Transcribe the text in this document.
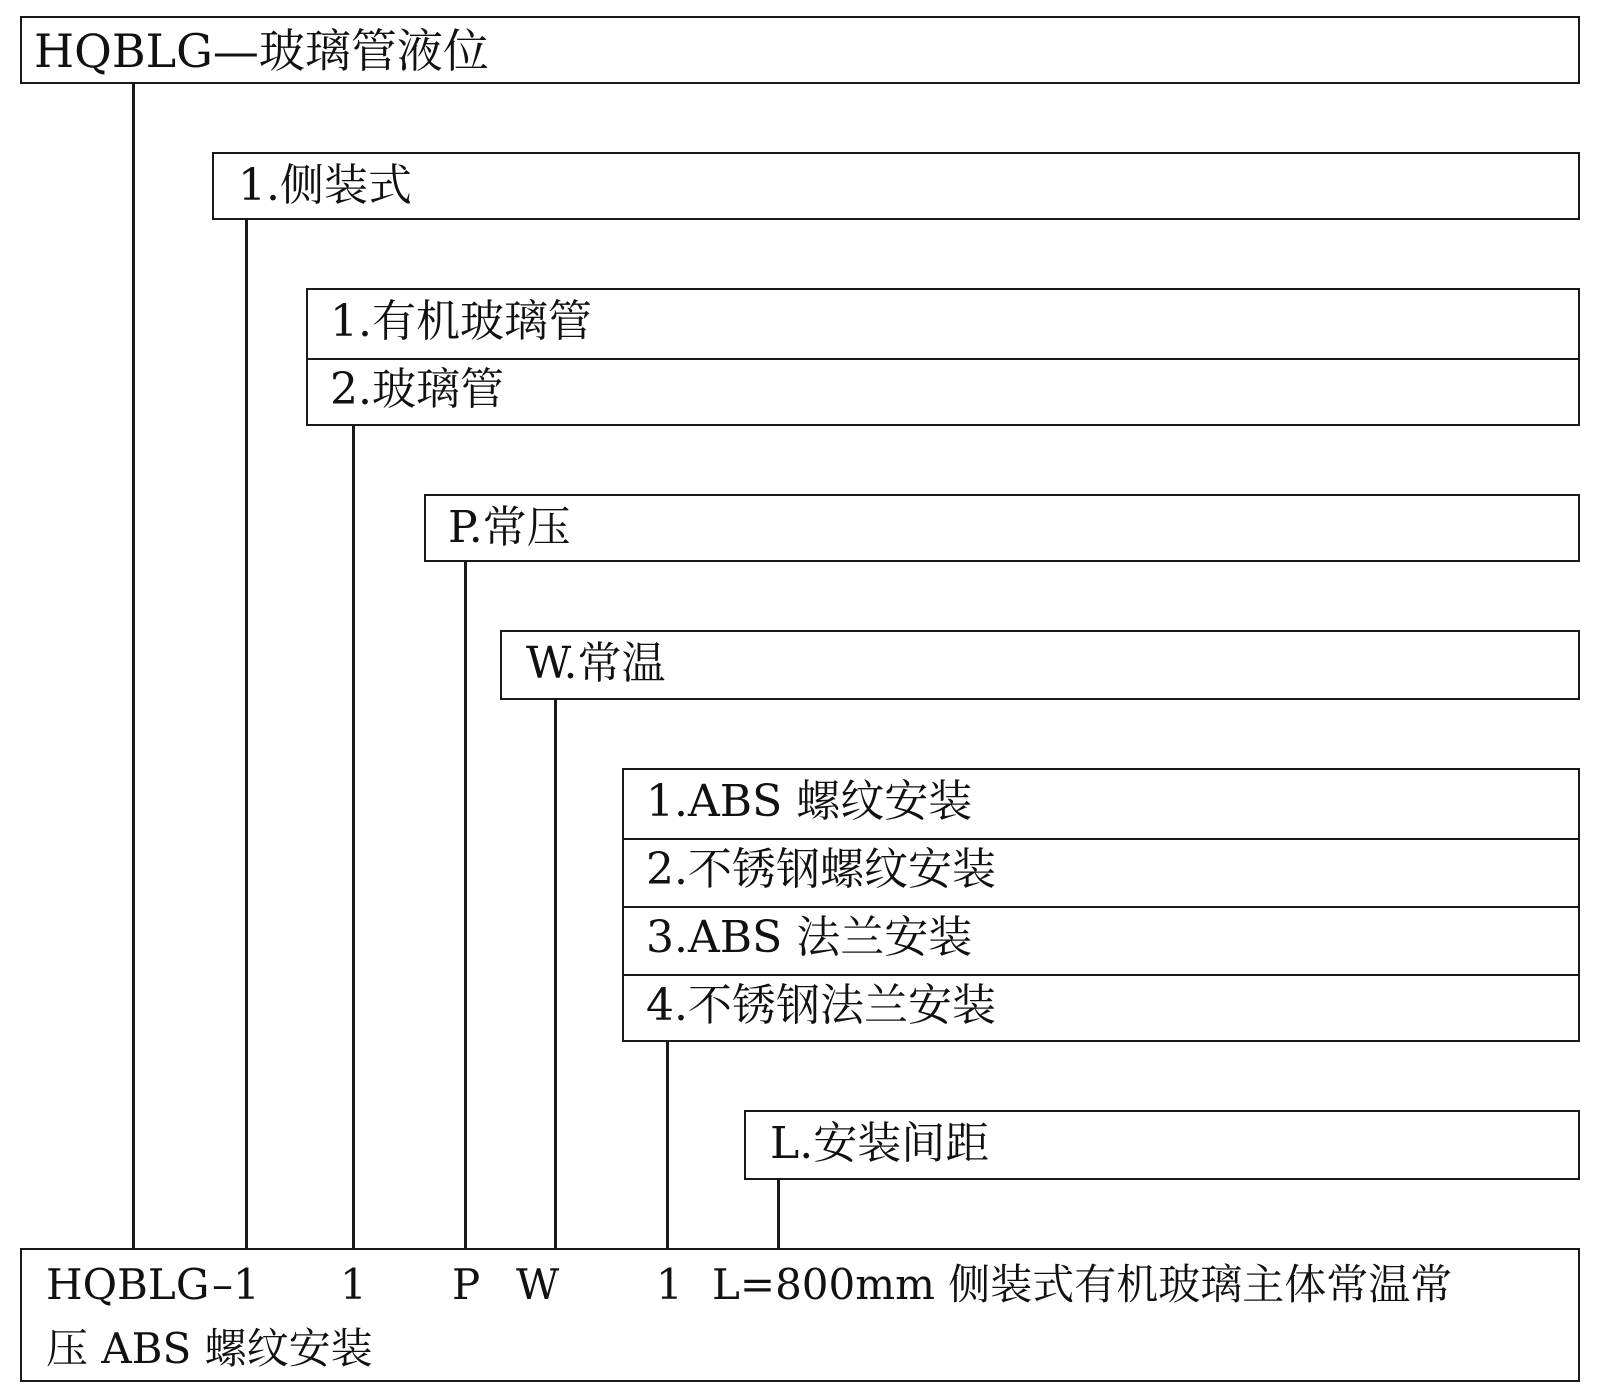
HQBLG—玻璃管液位
1.侧装式
1.有机玻璃管
2.玻璃管
P.常压
W.常温
1.ABS 螺纹安装
2.不锈钢螺纹安装
3.ABS 法兰安装
4.不锈钢法兰安装
L.安装间距
HQBLG –1 1 P W 1 L=800mm 侧装式有机玻璃主体常温常
压 ABS 螺纹安装
